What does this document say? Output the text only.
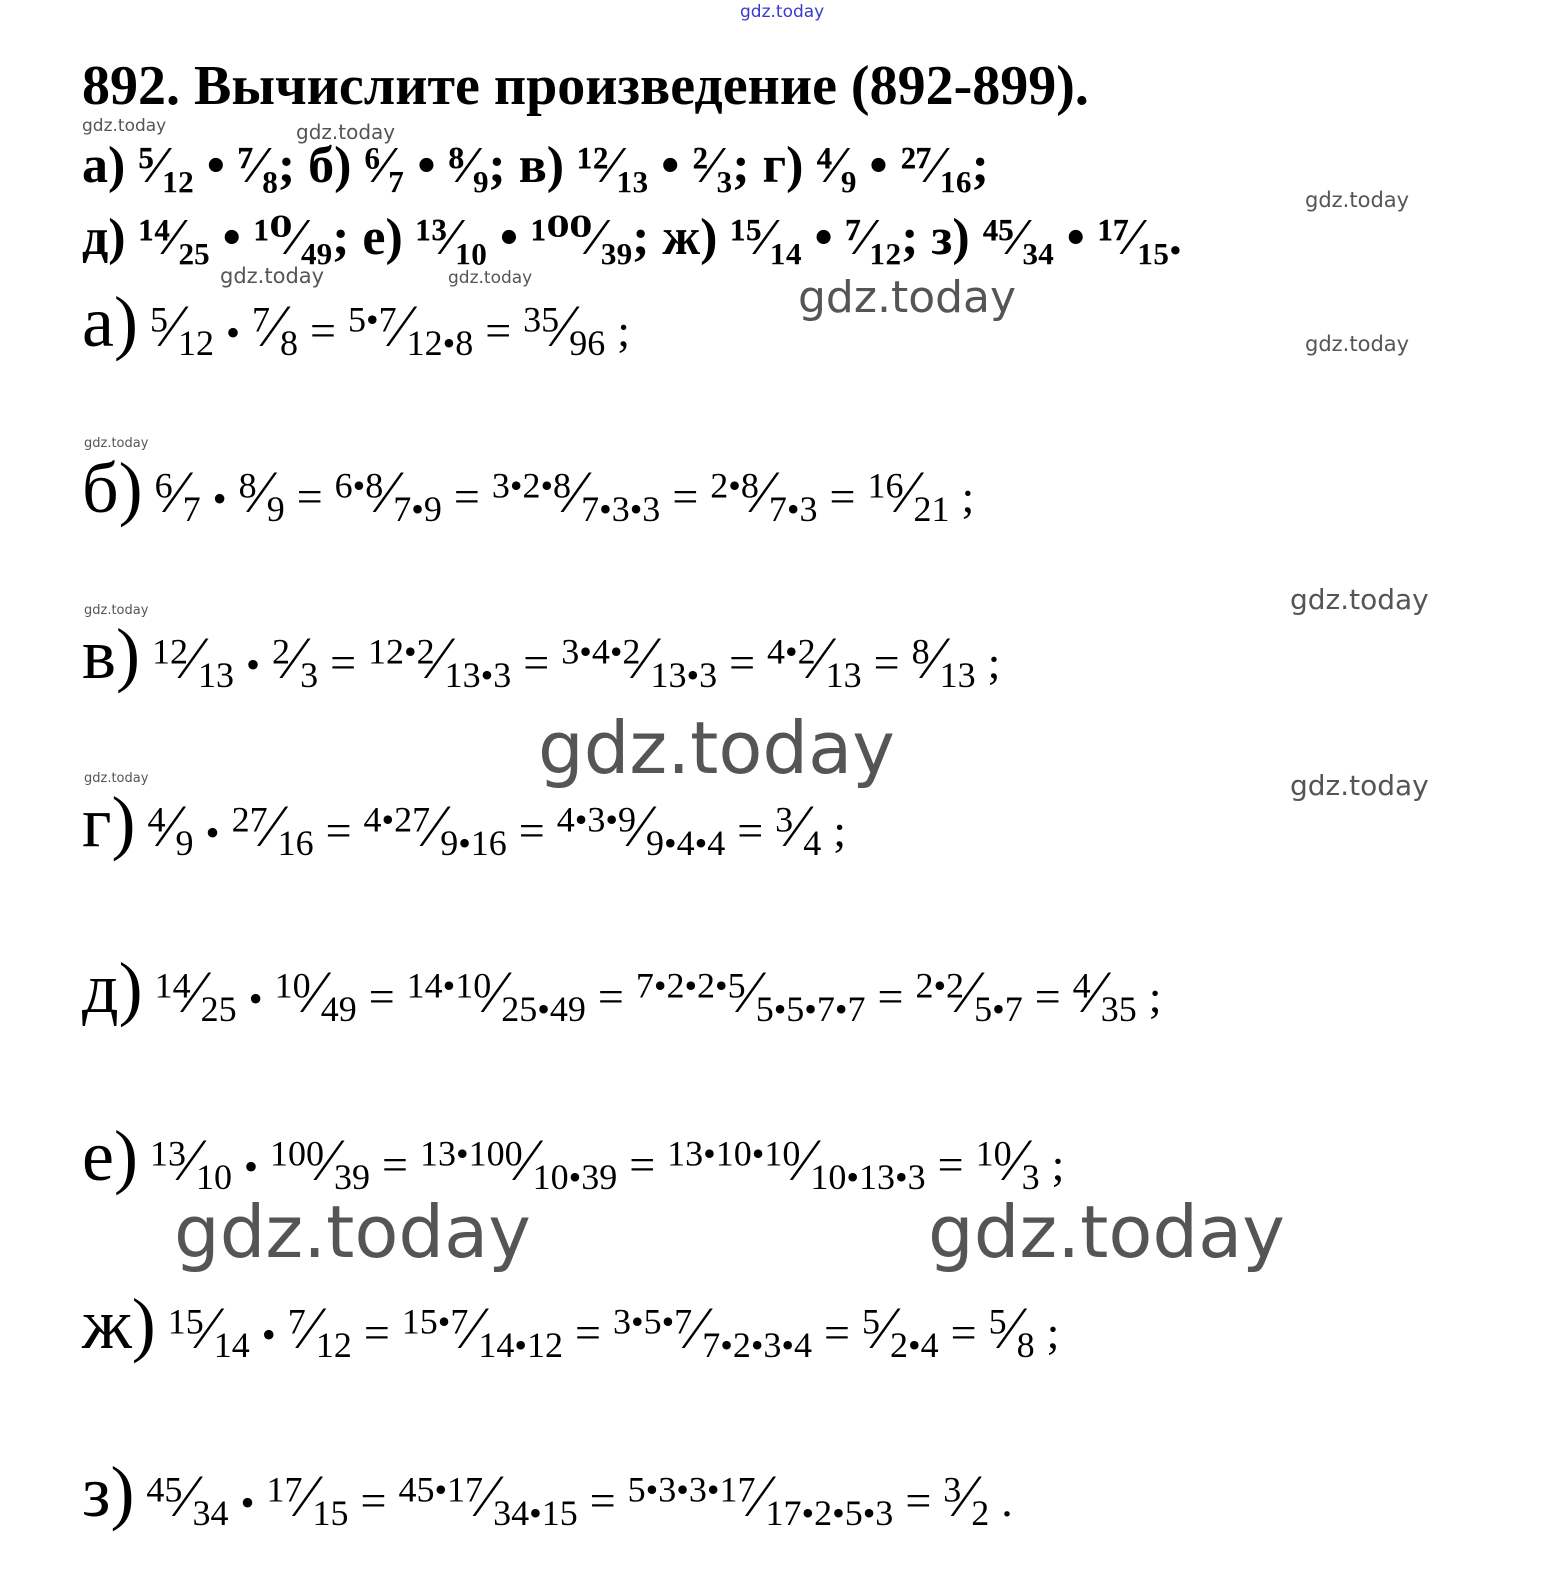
gdz.today
gdz.today	gdz.today
gdz.today
gdz.today	gdz.today	gdz.today
gdz.today
gdz.today
gdz.today
gdz.today
gdz.today
gdz.today	gdz.today
gdz.today	gdz.today
892. Вычислите произведение (892-899).
а) ⁵⁄₁₂ • ⁷⁄₈; б) ⁶⁄₇ • ⁸⁄₉; в) ¹²⁄₁₃ • ²⁄₃; г) ⁴⁄₉ • ²⁷⁄₁₆;
д) ¹⁴⁄₂₅ • ¹⁰⁄₄₉; е) ¹³⁄₁₀ • ¹⁰⁰⁄₃₉; ж) ¹⁵⁄₁₄ • ⁷⁄₁₂; з) ⁴⁵⁄₃₄ • ¹⁷⁄₁₅.
а) 5⁄12 • 7⁄8 = 5•7⁄12•8 = 35⁄96 ;
б) 6⁄7 • 8⁄9 = 6•8⁄7•9 = 3•2•8⁄7•3•3 = 2•8⁄7•3 = 16⁄21 ;
в) 12⁄13 • 2⁄3 = 12•2⁄13•3 = 3•4•2⁄13•3 = 4•2⁄13 = 8⁄13 ;
г) 4⁄9 • 27⁄16 = 4•27⁄9•16 = 4•3•9⁄9•4•4 = 3⁄4 ;
д) 14⁄25 • 10⁄49 = 14•10⁄25•49 = 7•2•2•5⁄5•5•7•7 = 2•2⁄5•7 = 4⁄35 ;
е) 13⁄10 • 100⁄39 = 13•100⁄10•39 = 13•10•10⁄10•13•3 = 10⁄3 ;
ж) 15⁄14 • 7⁄12 = 15•7⁄14•12 = 3•5•7⁄7•2•3•4 = 5⁄2•4 = 5⁄8 ;
з) 45⁄34 • 17⁄15 = 45•17⁄34•15 = 5•3•3•17⁄17•2•5•3 = 3⁄2 .
